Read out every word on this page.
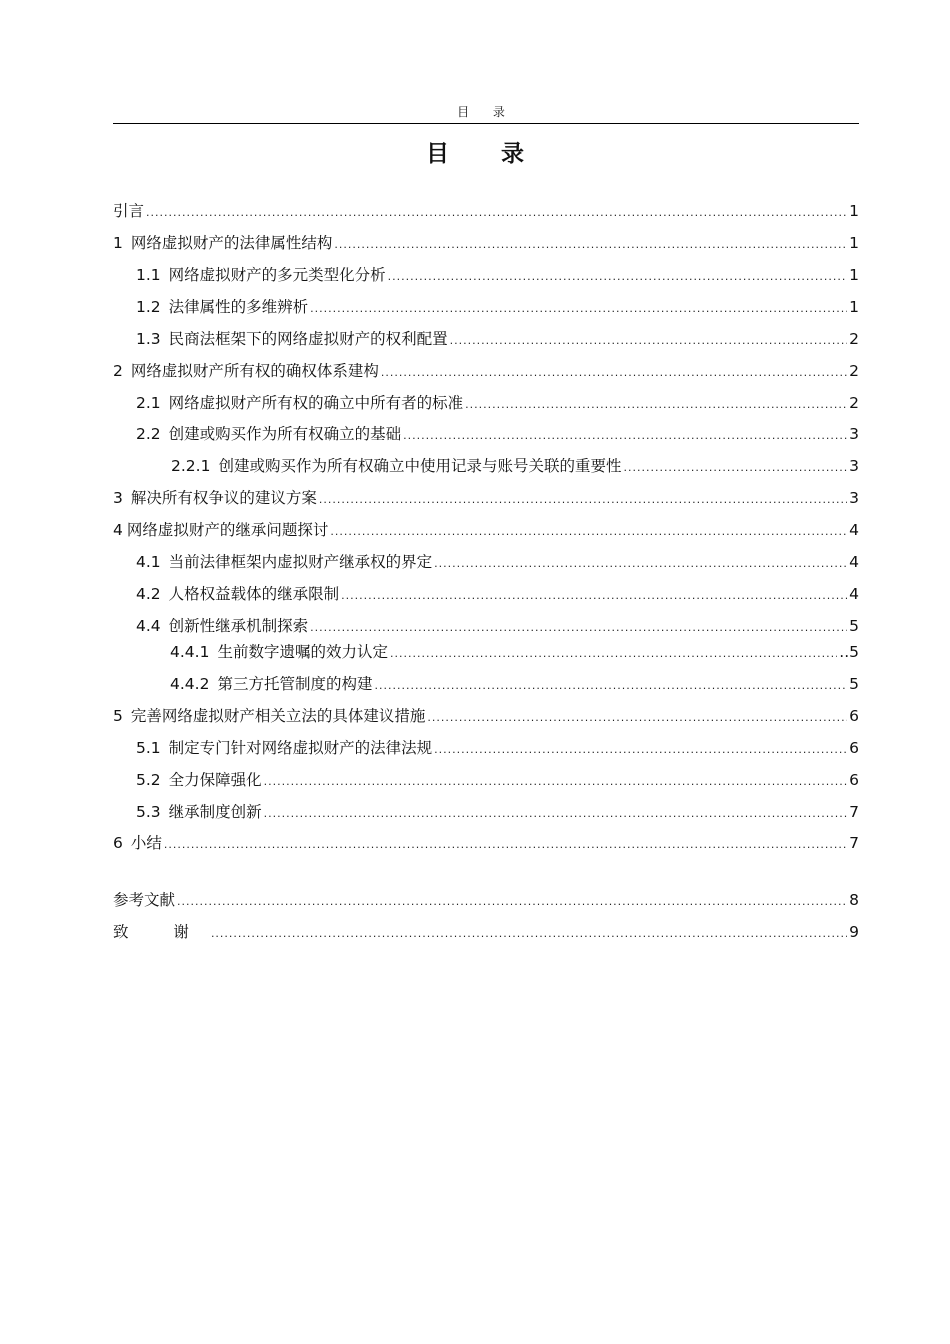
目 录
目 录
引言 .....	1
1 网络虚拟财产的法律属性结构 .....	1
1.1 网络虚拟财产的多元类型化分析 .....	1
1.2 法律属性的多维辨析 .....	1
1.3 民商法框架下的网络虚拟财产的权利配置 .....	2
2 网络虚拟财产所有权的确权体系建构 .....	2
2.1 网络虚拟财产所有权的确立中所有者的标准 .....	2
2.2 创建或购买作为所有权确立的基础 .....	3
2.2.1 创建或购买作为所有权确立中使用记录与账号关联的重要性 .....	3
3 解决所有权争议的建议方案 .....	3
4 网络虚拟财产的继承问题探讨 .....	4
4.1 当前法律框架内虚拟财产继承权的界定 .....	4
4.2 人格权益载体的继承限制 .....	4
4.4 创新性继承机制探索 .....	5
4.4.1 生前数字遗嘱的效力认定 .....	..5
4.4.2 第三方托管制度的构建 .....	5
5 完善网络虚拟财产相关立法的具体建议措施 .....	6
5.1 制定专门针对网络虚拟财产的法律法规 .....	6
5.2 全力保障强化 .....	6
5.3 继承制度创新 .....	7
6 小结 .....	7
参考文献 .....	8
致 谢 .....	9
